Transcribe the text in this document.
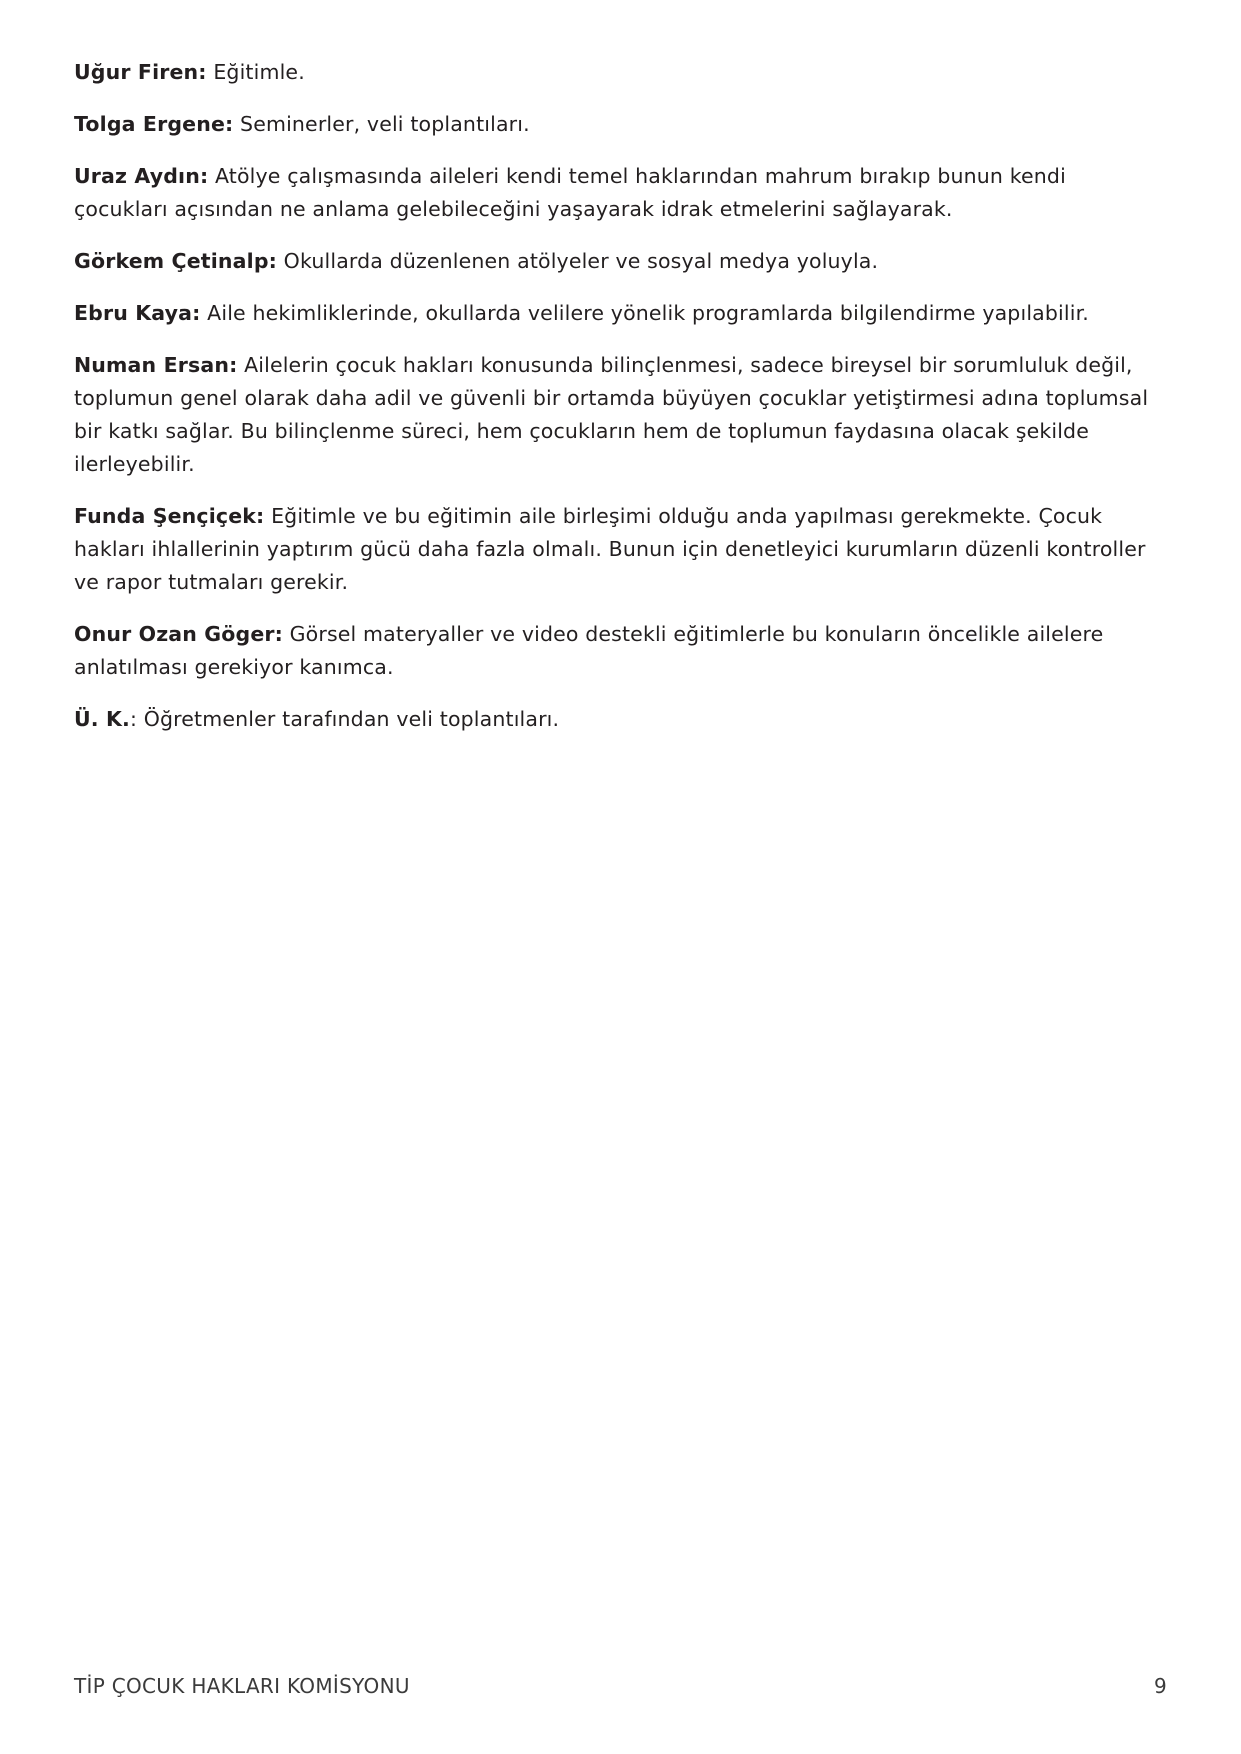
Uğur Firen: Eğitimle.

Tolga Ergene: Seminerler, veli toplantıları.

Uraz Aydın: Atölye çalışmasında aileleri kendi temel haklarından mahrum bırakıp bunun kendi çocukları açısından ne anlama gelebileceğini yaşayarak idrak etmelerini sağlayarak.

Görkem Çetinalp: Okullarda düzenlenen atölyeler ve sosyal medya yoluyla.

Ebru Kaya: Aile hekimliklerinde, okullarda velilere yönelik programlarda bilgilendirme yapılabilir.

Numan Ersan: Ailelerin çocuk hakları konusunda bilinçlenmesi, sadece bireysel bir sorumluluk değil, toplumun genel olarak daha adil ve güvenli bir ortamda büyüyen çocuklar yetiştirmesi adına toplumsal bir katkı sağlar. Bu bilinçlenme süreci, hem çocukların hem de toplumun faydasına olacak şekilde ilerleyebilir.

Funda Şençiçek: Eğitimle ve bu eğitimin aile birleşimi olduğu anda yapılması gerekmekte. Çocuk hakları ihlallerinin yaptırım gücü daha fazla olmalı. Bunun için denetleyici kurumların düzenli kontroller ve rapor tutmaları gerekir.

Onur Ozan Göger: Görsel materyaller ve video destekli eğitimlerle bu konuların öncelikle ailelere anlatılması gerekiyor kanımca.

Ü. K.: Öğretmenler tarafından veli toplantıları.

TİP ÇOCUK HAKLARI KOMİSYONU	9
